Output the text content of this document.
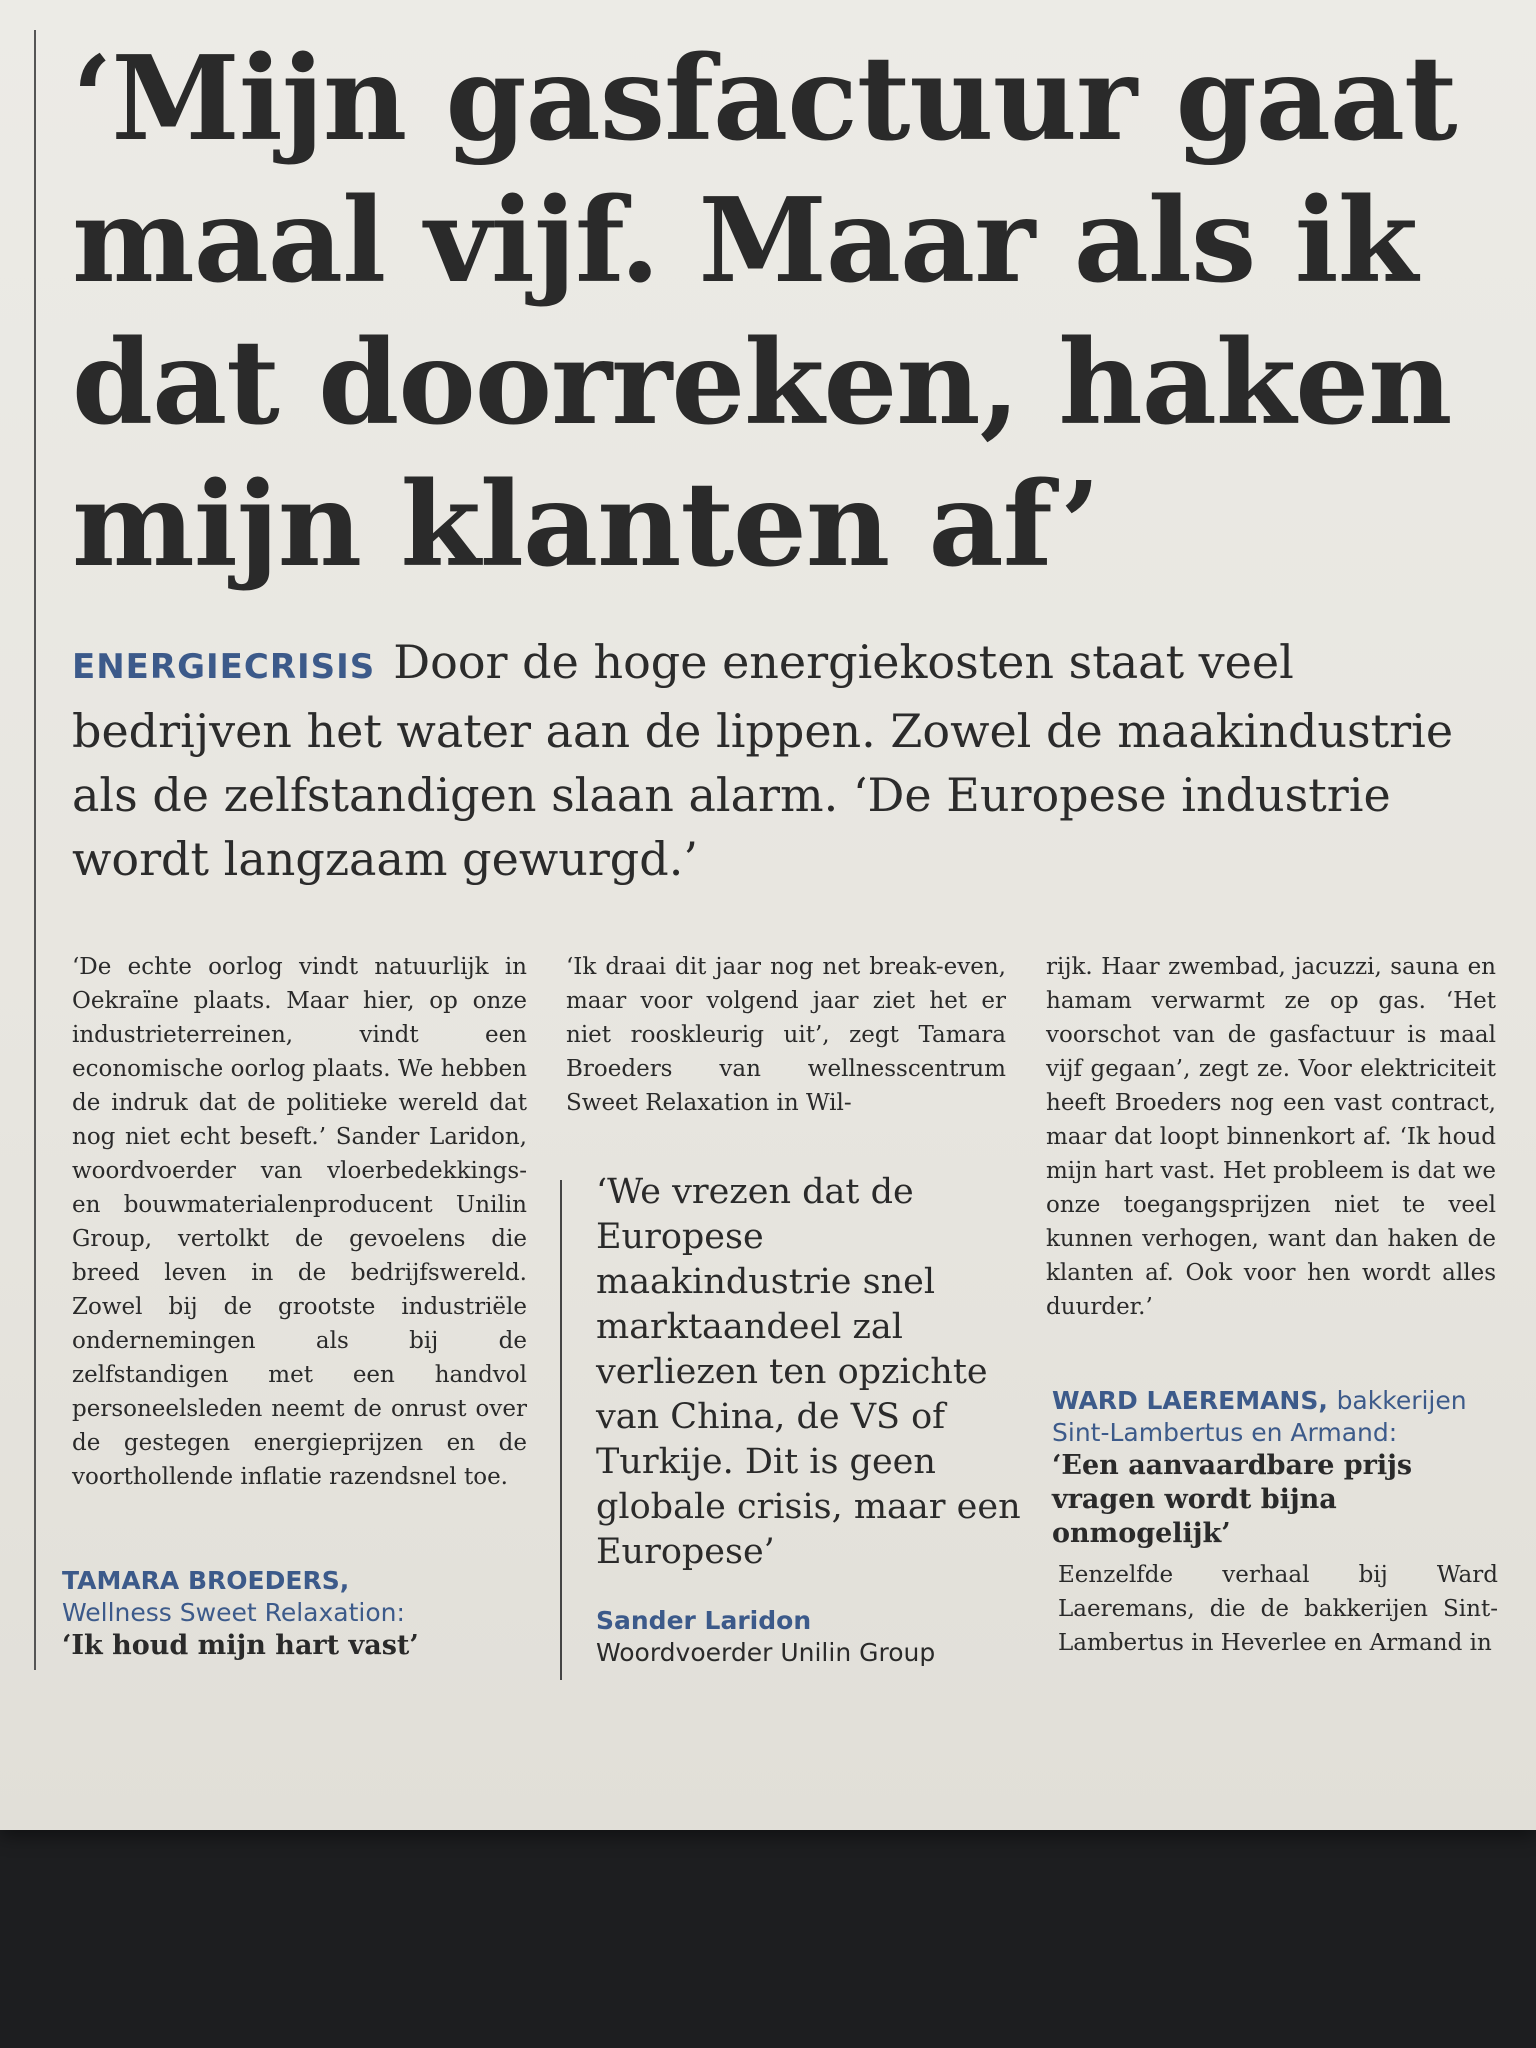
‘Mijn gasfactuur gaat maal vijf. Maar als ik dat doorreken, haken mijn klanten af’

ENERGIECRISIS Door de hoge energiekosten staat veel bedrijven het water aan de lippen. Zowel de maakindustrie als de zelfstandigen slaan alarm. ‘De Europese industrie wordt langzaam gewurgd.’

‘De echte oorlog vindt natuurlijk in Oekraïne plaats. Maar hier, op onze industrieterreinen, vindt een economische oorlog plaats. We hebben de indruk dat de politieke wereld dat nog niet echt beseft.’ Sander Laridon, woordvoerder van vloerbedekkings- en bouwmaterialenproducent Unilin Group, vertolkt de gevoelens die breed leven in de bedrijfswereld. Zowel bij de grootste industriële ondernemingen als bij de zelfstandigen met een handvol personeelsleden neemt de onrust over de gestegen energieprijzen en de voorthollende inflatie razendsnel toe.

TAMARA BROEDERS,

Wellness Sweet Relaxation:

‘Ik houd mijn hart vast’

‘Ik draai dit jaar nog net break-even, maar voor volgend jaar ziet het er niet rooskleurig uit’, zegt Tamara Broeders van wellnesscentrum Sweet Relaxation in Wil-

‘We vrezen dat de Europese maakindustrie snel marktaandeel zal verliezen ten opzichte van China, de VS of Turkije. Dit is geen globale crisis, maar een Europese’

Sander Laridon

Woordvoerder Unilin Group

rijk. Haar zwembad, jacuzzi, sauna en hamam verwarmt ze op gas. ‘Het voorschot van de gasfactuur is maal vijf gegaan’, zegt ze. Voor elektriciteit heeft Broeders nog een vast contract, maar dat loopt binnenkort af. ‘Ik houd mijn hart vast. Het probleem is dat we onze toegangsprijzen niet te veel kunnen verhogen, want dan haken de klanten af. Ook voor hen wordt alles duurder.’

WARD LAEREMANS, bakkerijen

Sint-Lambertus en Armand:

‘Een aanvaardbare prijs vragen wordt bijna onmogelijk’

Eenzelfde verhaal bij Ward Laeremans, die de bakkerijen Sint-Lambertus in Heverlee en Armand in
